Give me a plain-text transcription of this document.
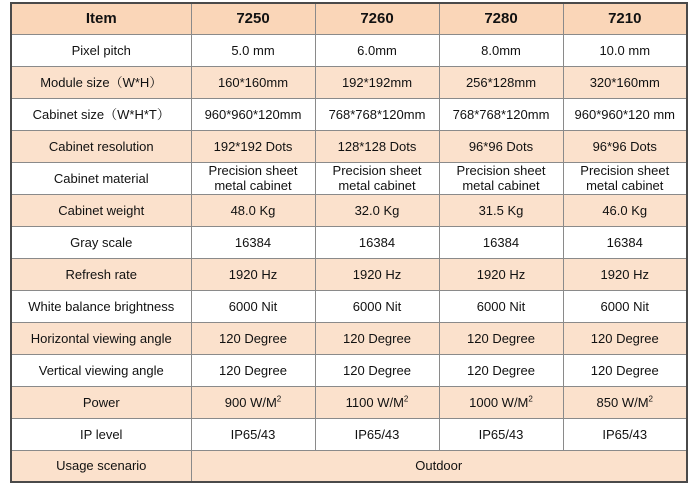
Item	7250	7260	7280	7210
Pixel pitch	5.0 mm	6.0mm	8.0mm	10.0 mm
Module size（W*H）	160*160mm	192*192mm	256*128mm	320*160mm
Cabinet size（W*H*T）	960*960*120mm	768*768*120mm	768*768*120mm	960*960*120 mm
Cabinet resolution	192*192 Dots	128*128 Dots	96*96 Dots	96*96 Dots
Cabinet material	Precision sheet metal cabinet	Precision sheet metal cabinet	Precision sheet metal cabinet	Precision sheet metal cabinet
Cabinet weight	48.0 Kg	32.0 Kg	31.5 Kg	46.0 Kg
Gray scale	16384	16384	16384	16384
Refresh rate	1920 Hz	1920 Hz	1920 Hz	1920 Hz
White balance brightness	6000 Nit	6000 Nit	6000 Nit	6000 Nit
Horizontal viewing angle	120 Degree	120 Degree	120 Degree	120 Degree
Vertical viewing angle	120 Degree	120 Degree	120 Degree	120 Degree
Power	900 $W/M^2$	1100 $W/M^2$	1000 $W/M^2$	850 $W/M^2$
IP level	IP65/43	IP65/43	IP65/43	IP65/43
Usage scenario	Outdoor			
